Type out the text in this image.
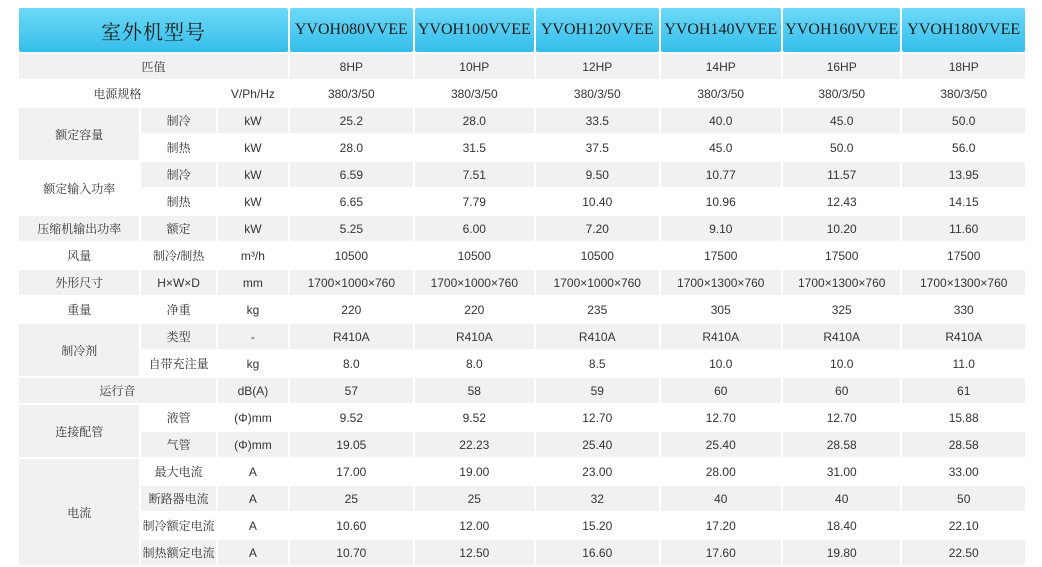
室外机型号			YVOH080VVEE	YVOH100VVEE	YVOH120VVEE	YVOH140VVEE	YVOH160VVEE	YVOH180VVEE
匹值			8HP	10HP	12HP	14HP	16HP	18HP
电源规格		V/Ph/Hz	380/3/50	380/3/50	380/3/50	380/3/50	380/3/50	380/3/50
额定容量	制冷	kW	25.2	28.0	33.5	40.0	45.0	50.0
	制热	kW	28.0	31.5	37.5	45.0	50.0	56.0
额定输入功率	制冷	kW	6.59	7.51	9.50	10.77	11.57	13.95
	制热	kW	6.65	7.79	10.40	10.96	12.43	14.15
压缩机输出功率	额定	kW	5.25	6.00	7.20	9.10	10.20	11.60
风量	制冷/制热	m³/h	10500	10500	10500	17500	17500	17500
外形尺寸	H×W×D	mm	1700×1000×760	1700×1000×760	1700×1000×760	1700×1300×760	1700×1300×760	1700×1300×760
重量	净重	kg	220	220	235	305	325	330
制冷剂	类型	-	R410A	R410A	R410A	R410A	R410A	R410A
	自带充注量	kg	8.0	8.0	8.5	10.0	10.0	11.0
运行音		dB(A)	57	58	59	60	60	61
连接配管	液管	(Φ)mm	9.52	9.52	12.70	12.70	12.70	15.88
	气管	(Φ)mm	19.05	22.23	25.40	25.40	28.58	28.58
电流	最大电流	A	17.00	19.00	23.00	28.00	31.00	33.00
	断路器电流	A	25	25	32	40	40	50
	制冷额定电流	A	10.60	12.00	15.20	17.20	18.40	22.10
	制热额定电流	A	10.70	12.50	16.60	17.60	19.80	22.50
